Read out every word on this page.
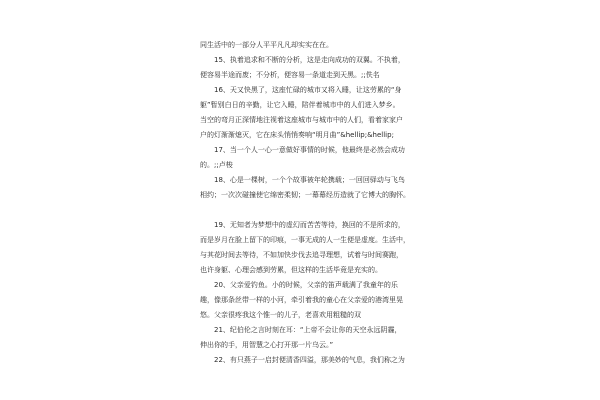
同生活中的一部分人平平凡凡却实实在在。
　　15、执着追求和不断的分析，这是走向成功的双翼。不执着，
便容易半途而废；不分析，便容易一条道走到天黑。;;佚名
　　16、天又快黑了，这座忙碌的城市又将入睡，让这劳累的“身
躯”暂别白日的辛勤，让它入睡，陪伴着城市中的人们进入梦乡。
当空的弯月正深情地注视着这座城市与城市中的人们，看着家家户
户的灯渐渐熄灭，它在床头悄悄奏响“明月曲”&hellip;&hellip;
　　17、当一个人一心一意做好事情的时候，他最终是必然会成功
的。;;卢梭
　　18、心是一棵树，一个个故事被年轮携载；一回回驿动与飞鸟
相约；一次次碰撞使它绵密柔韧；一幕幕经历造就了它博大的胸怀。
　　19、无知者为梦想中的虚幻而苦苦等待，换回的不是所求的，
而是岁月在脸上留下的印痕，一事无成的人一生便是虚度。生活中，
与其花时间去等待，不如加快步伐去追寻理想，试着与时间赛跑，
也许身躯、心理会感到劳累，但这样的生活毕竟是充实的。
　　20、父亲爱钓鱼。小的时候，父亲的笛声载满了我童年的乐
趣，像那条丝带一样的小河，牵引着我的童心在父亲爱的港湾里晃
悠。父亲很疼我这个惟一的儿子，老喜欢用粗糙的双
　　21、纪伯伦之言时刻在耳：“上帝不会让你的天空永远阴霾，
伸出你的手，用智慧之心打开那一片乌云。”
　　22、有只燕子一启封便清香四溢，那美妙的气息，我们称之为
